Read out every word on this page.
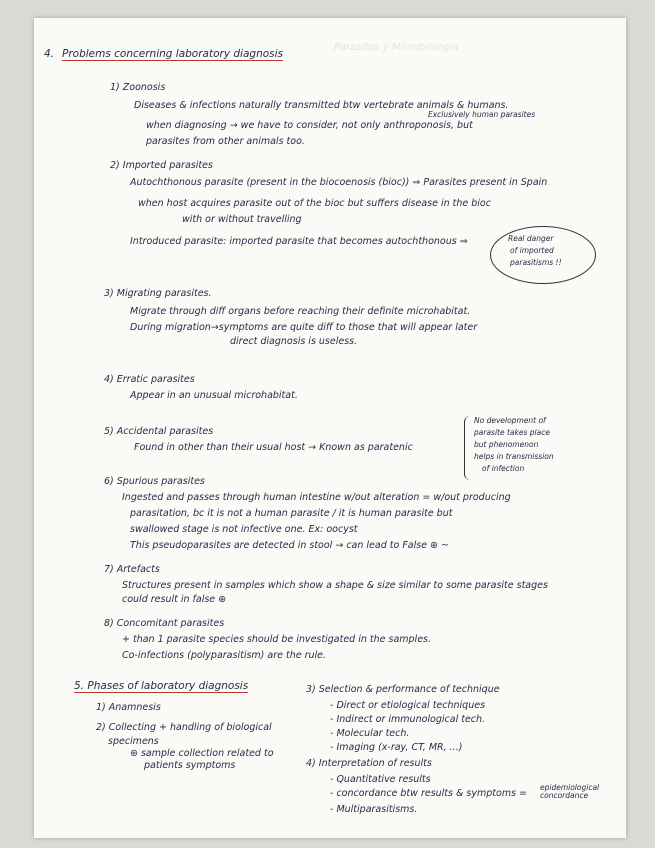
Parasitos y Microbiologia
4. Problems concerning laboratory diagnosis
1) Zoonosis
Diseases & infections naturally transmitted btw vertebrate animals & humans.
Exclusively human parasites
when diagnosing → we have to consider, not only anthroponosis, but
parasites from other animals too.
2) Imported parasites
Autochthonous parasite (present in the biocoenosis (bioc)) ⇒ Parasites present in Spain
when host acquires parasite out of the bioc but suffers disease in the bioc
with or without travelling
Introduced parasite: imported parasite that becomes autochthonous ⇒	Real danger
of imported
parasitisms !!
3) Migrating parasites.
Migrate through diff organs before reaching their definite microhabitat.
During migration→symptoms are quite diff to those that will appear later
direct diagnosis is useless.
4) Erratic parasites
Appear in an unusual microhabitat.
5) Accidental parasites
Found in other than their usual host → Known as paratenic
No development of
parasite takes place
but phenomenon
helps in transmission
of infection
6) Spurious parasites
Ingested and passes through human intestine w/out alteration = w/out producing
parasitation, bc it is not a human parasite / it is human parasite but
swallowed stage is not infective one. Ex: oocyst
This pseudoparasites are detected in stool → can lead to False ⊕ ~
7) Artefacts
Structures present in samples which show a shape & size similar to some parasite stages
could result in false ⊕
8) Concomitant parasites
+ than 1 parasite species should be investigated in the samples.
Co-infections (polyparasitism) are the rule.
5. Phases of laboratory diagnosis
1) Anamnesis
2) Collecting + handling of biological
specimens
⊛ sample collection related to
patients symptoms
3) Selection & performance of technique
- Direct or etiological techniques
- Indirect or immunological tech.
- Molecular tech.
- Imaging (x-ray, CT, MR, ...)
4) Interpretation of results
- Quantitative results
- concordance btw results & symptoms =
epidemiological concordance
- Multiparasitisms.
